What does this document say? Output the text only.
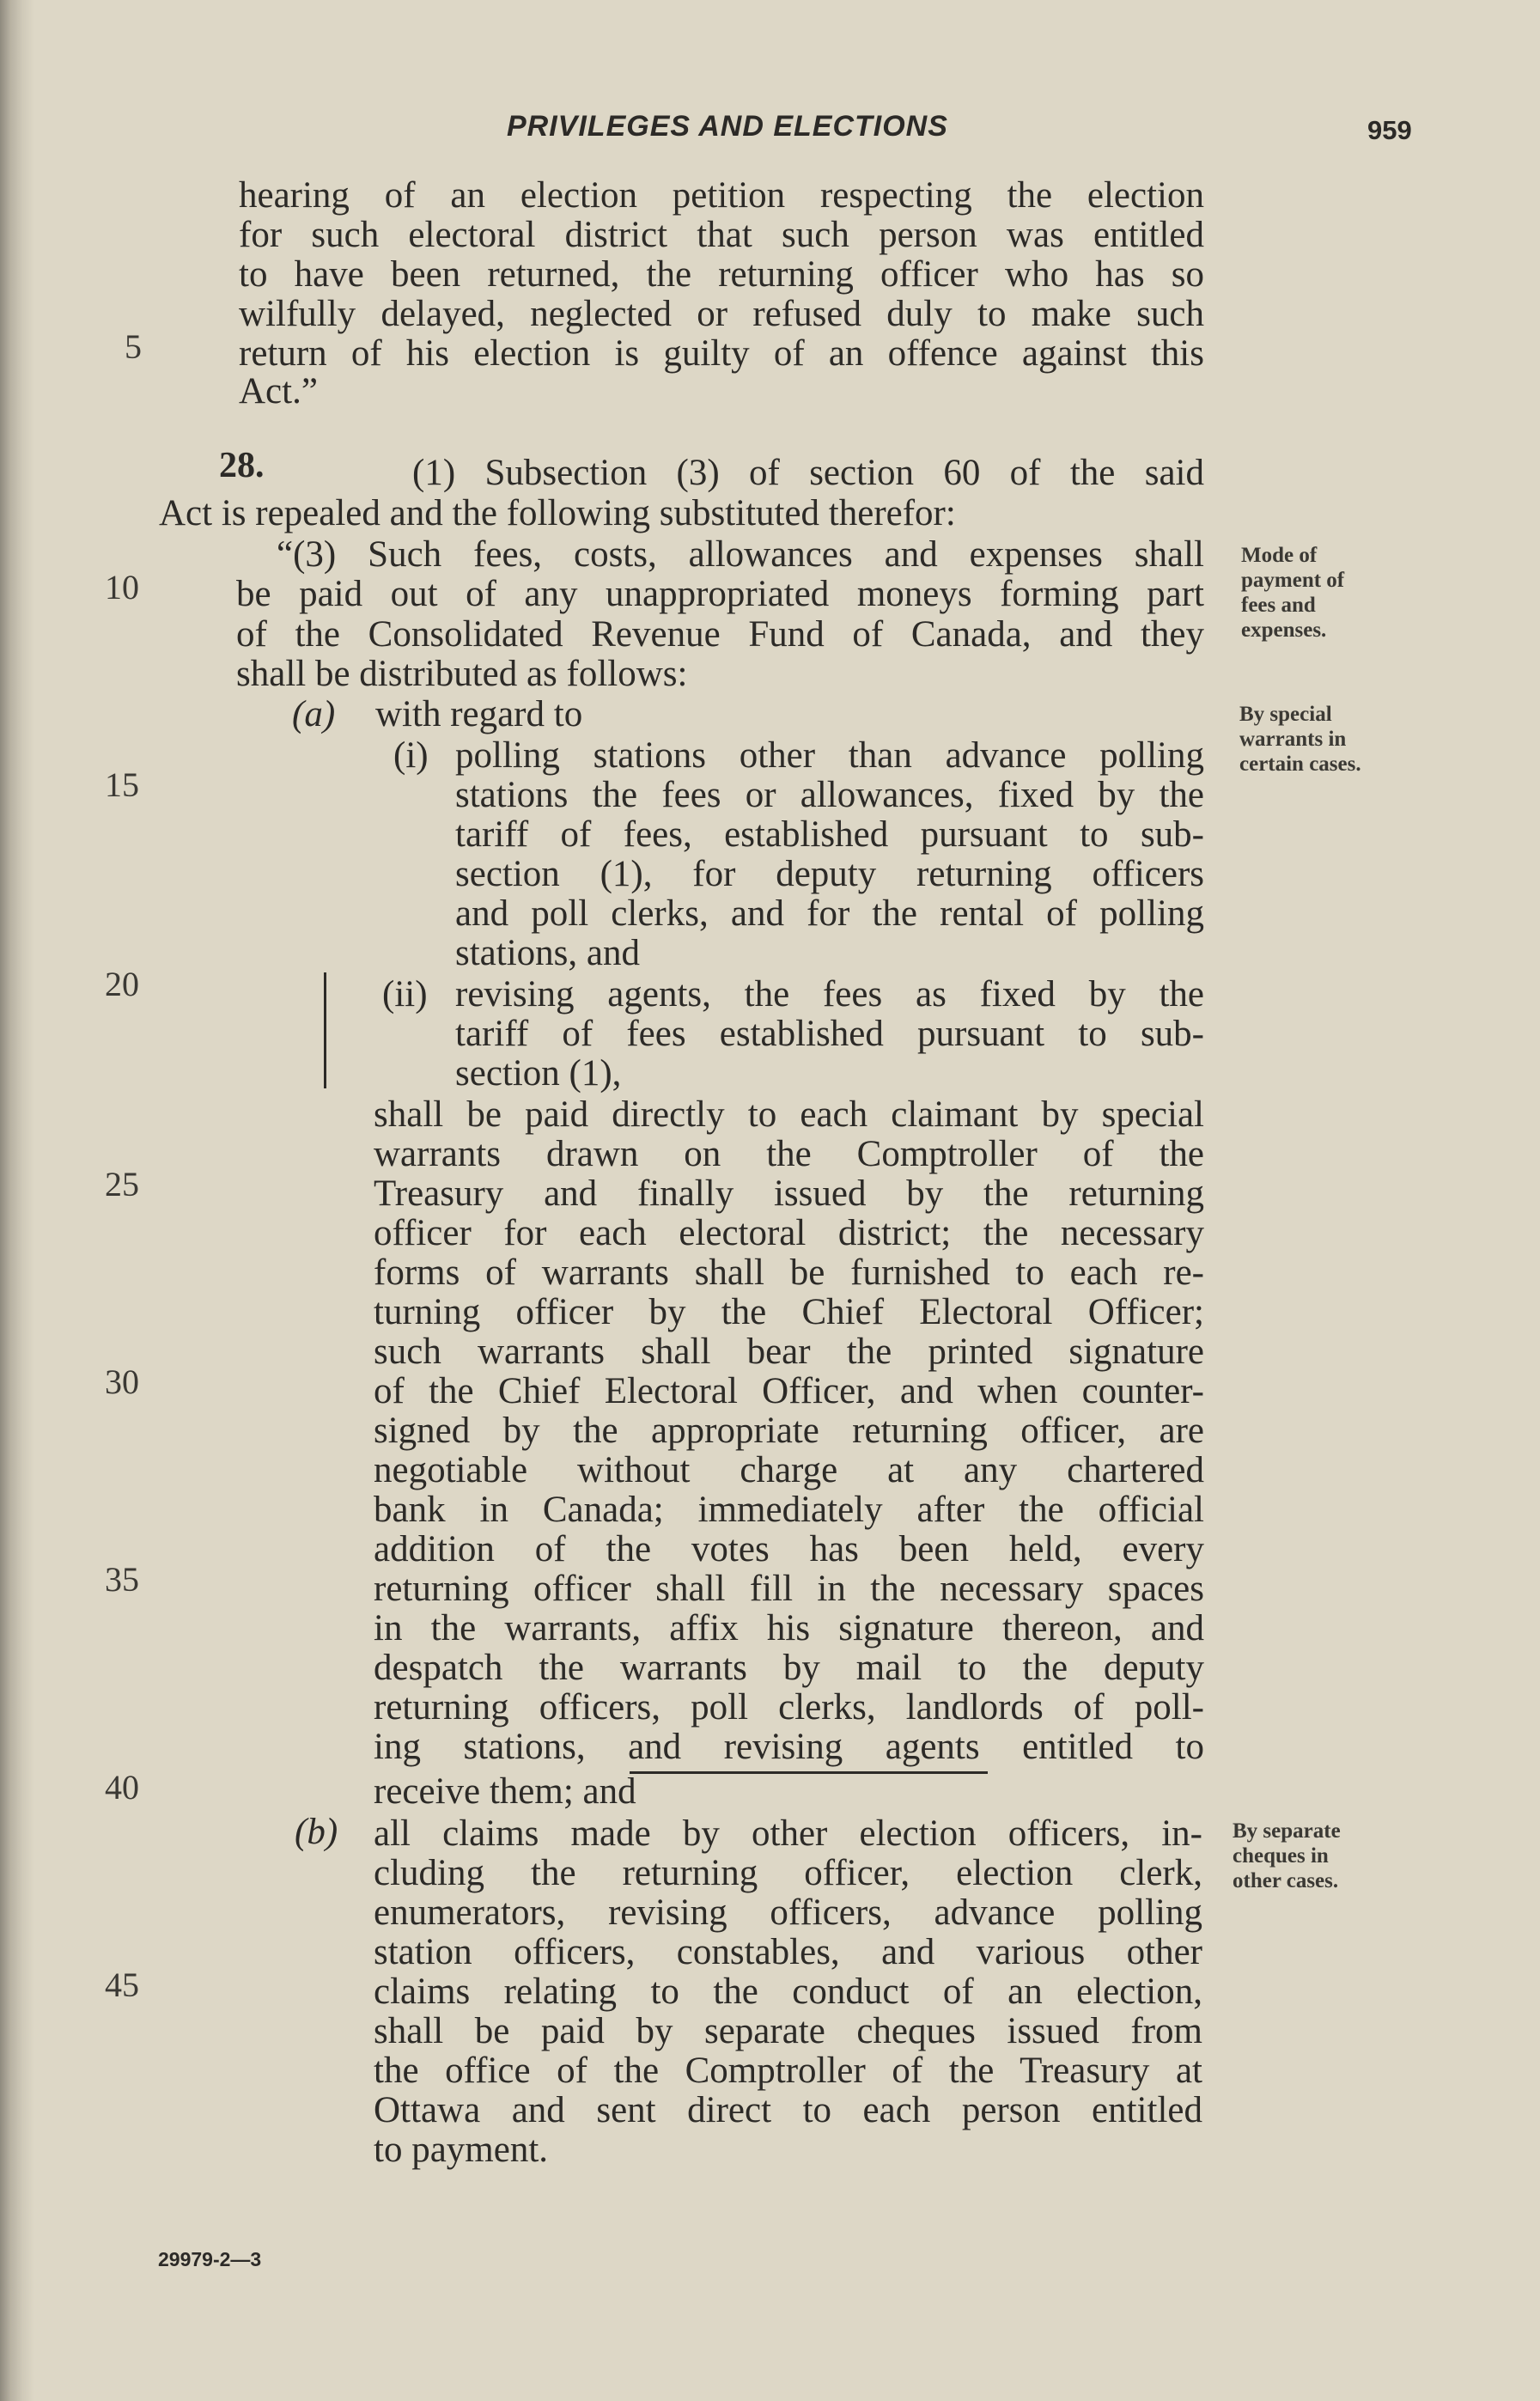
PRIVILEGES AND ELECTIONS	959
5
10
15
20
25
30
35
40
45
hearing of an election petition respecting the election
for such electoral district that such person was entitled
to have been returned, the returning officer who has so
wilfully delayed, neglected or refused duly to make such
return of his election is guilty of an offence against this
Act.”
28.	(1) Subsection (3) of section 60 of the said
Act is repealed and the following substituted therefor:
“(3) Such fees, costs, allowances and expenses shall
be paid out of any unappropriated moneys forming part
of the Consolidated Revenue Fund of Canada, and they
shall be distributed as follows:
(a) with regard to
(i) polling stations other than advance polling
stations the fees or allowances, fixed by the
tariff of fees, established pursuant to sub-
section (1), for deputy returning officers
and poll clerks, and for the rental of polling
stations, and
(ii) revising agents, the fees as fixed by the
tariff of fees established pursuant to sub-
section (1),
shall be paid directly to each claimant by special
warrants drawn on the Comptroller of the
Treasury and finally issued by the returning
officer for each electoral district; the necessary
forms of warrants shall be furnished to each re-
turning officer by the Chief Electoral Officer;
such warrants shall bear the printed signature
of the Chief Electoral Officer, and when counter-
signed by the appropriate returning officer, are
negotiable without charge at any chartered
bank in Canada; immediately after the official
addition of the votes has been held, every
returning officer shall fill in the necessary spaces
in the warrants, affix his signature thereon, and
despatch the warrants by mail to the deputy
returning officers, poll clerks, landlords of poll-
ing stations, and revising agents entitled to
receive them; and
(b) all claims made by other election officers, in-
cluding the returning officer, election clerk,
enumerators, revising officers, advance polling
station officers, constables, and various other
claims relating to the conduct of an election,
shall be paid by separate cheques issued from
the office of the Comptroller of the Treasury at
Ottawa and sent direct to each person entitled
to payment.
Mode of
payment of
fees and
expenses.
By special
warrants in
certain cases.
By separate
cheques in
other cases.
29979-2—3
